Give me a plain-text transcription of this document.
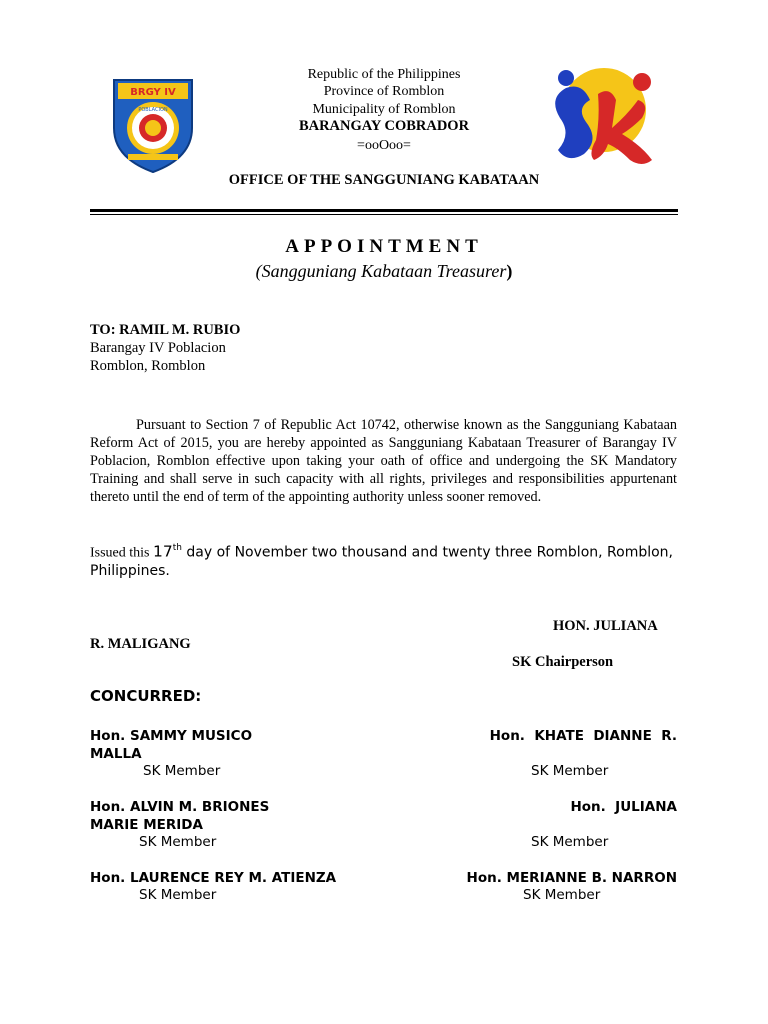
BRGY IV
POBLACION
SK
Republic of the Philippines
Province of Romblon
Municipality of Romblon
BARANGAY COBRADOR
=ooOoo=
OFFICE OF THE SANGGUNIANG KABATAAN
APPOINTMENT
(Sangguniang Kabataan Treasurer)
TO: RAMIL M. RUBIO
Barangay IV Poblacion
Romblon, Romblon
Pursuant to Section 7 of Republic Act 10742, otherwise known as the Sangguniang Kabataan Reform Act of 2015, you are hereby appointed as Sangguniang Kabataan Treasurer of Barangay IV Poblacion, Romblon effective upon taking your oath of office and undergoing the SK Mandatory Training and shall serve in such capacity with all rights, privileges and responsibilities appurtenant thereto until the end of term of the appointing authority unless sooner removed.
Issued this 17th day of November two thousand and twenty three Romblon, Romblon, Philippines.
HON. JULIANA
R. MALIGANG
SK Chairperson
CONCURRED:
Hon. SAMMY MUSICO
MALLA
SK Member
Hon.  KHATE  DIANNE  R.
SK Member
Hon. ALVIN M. BRIONES
MARIE MERIDA
SK Member
Hon.  JULIANA
SK Member
Hon. LAURENCE REY M. ATIENZA
SK Member
Hon. MERIANNE B. NARRON
SK Member
